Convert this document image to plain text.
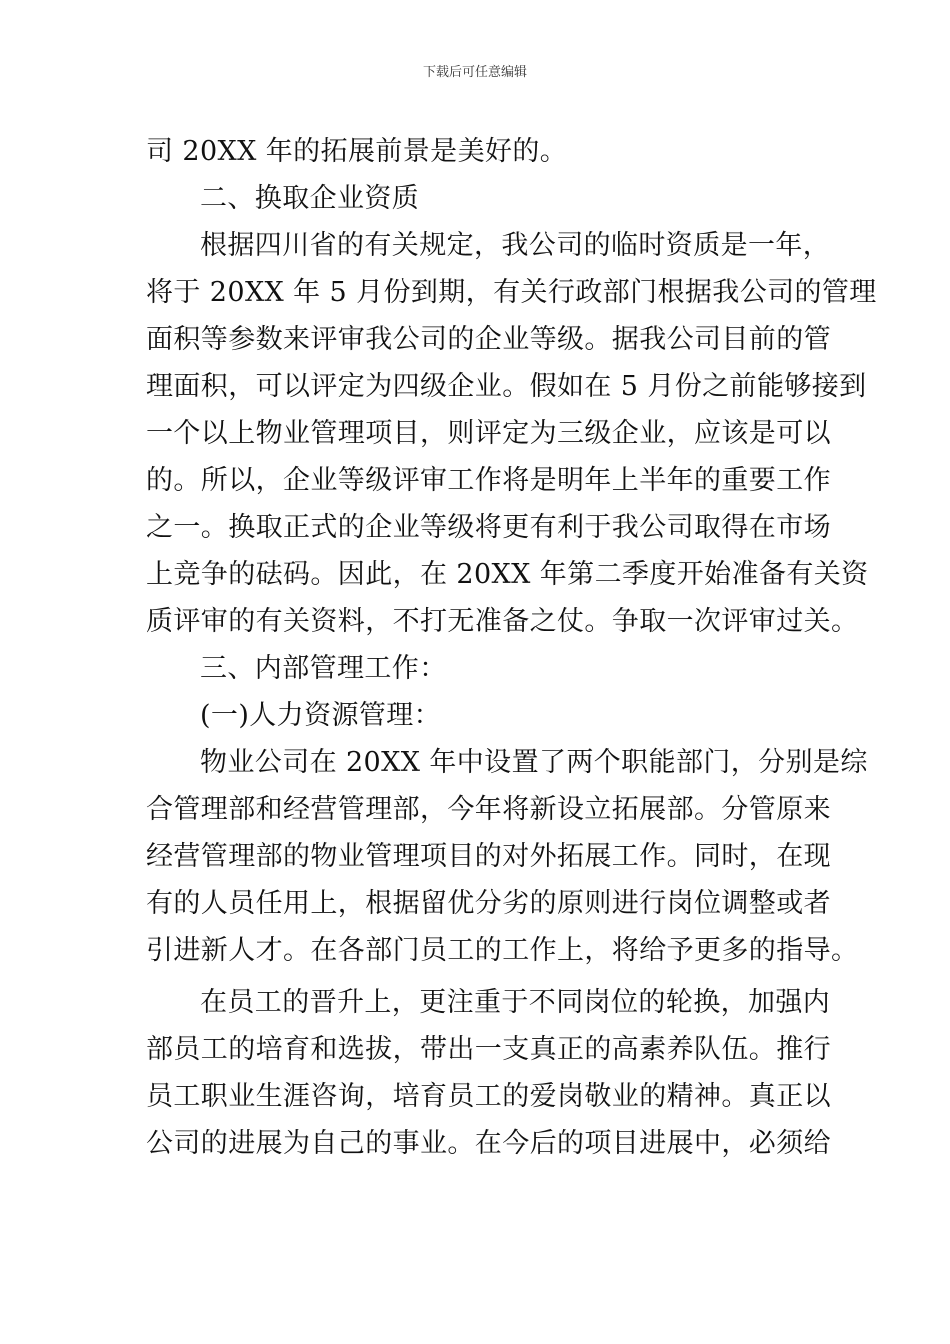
下载后可任意编辑
司 20XX 年的拓展前景是美好的。
二、换取企业资质
根据四川省的有关规定，我公司的临时资质是一年，
将于 20XX 年 5 月份到期，有关行政部门根据我公司的管理
面积等参数来评审我公司的企业等级。据我公司目前的管
理面积，可以评定为四级企业。假如在 5 月份之前能够接到
一个以上物业管理项目，则评定为三级企业，应该是可以
的。所以，企业等级评审工作将是明年上半年的重要工作
之一。换取正式的企业等级将更有利于我公司取得在市场
上竞争的砝码。因此，在 20XX 年第二季度开始准备有关资
质评审的有关资料，不打无准备之仗。争取一次评审过关。
三、内部管理工作：
(一)人力资源管理：
物业公司在 20XX 年中设置了两个职能部门，分别是综
合管理部和经营管理部，今年将新设立拓展部。分管原来
经营管理部的物业管理项目的对外拓展工作。同时，在现
有的人员任用上，根据留优分劣的原则进行岗位调整或者
引进新人才。在各部门员工的工作上，将给予更多的指导。
在员工的晋升上，更注重于不同岗位的轮换，加强内
部员工的培育和选拔，带出一支真正的高素养队伍。推行
员工职业生涯咨询，培育员工的爱岗敬业的精神。真正以
公司的进展为自己的事业。在今后的项目进展中，必须给
